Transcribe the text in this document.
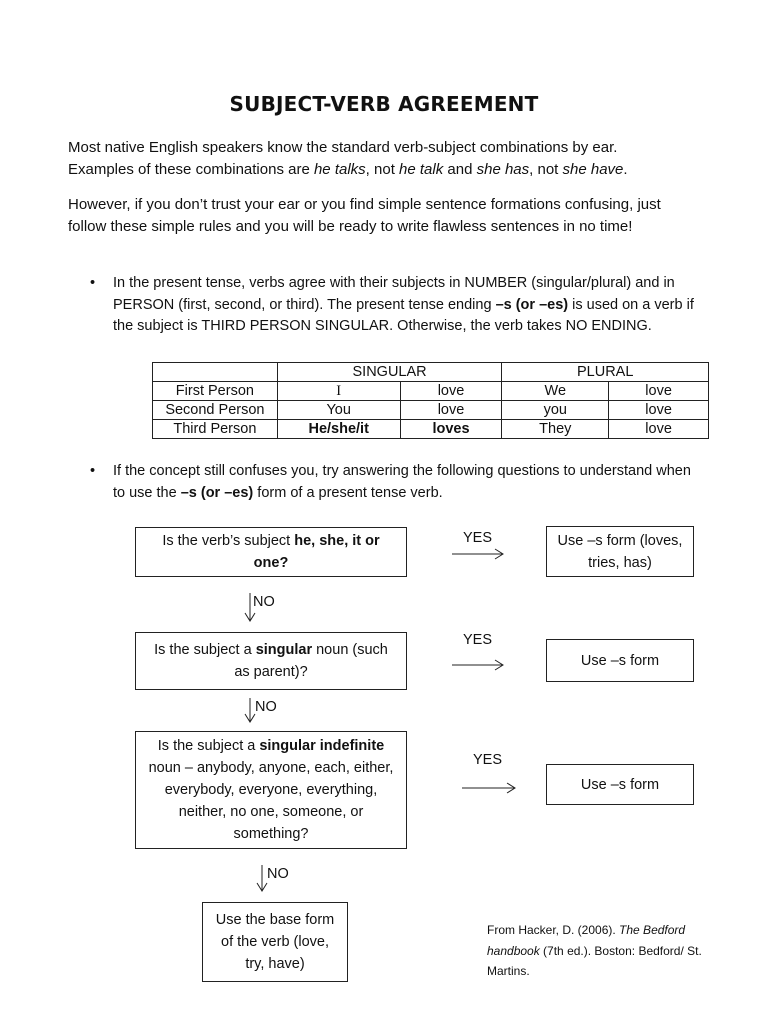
SUBJECT-VERB AGREEMENT

Most native English speakers know the standard verb-subject combinations by ear.
Examples of these combinations are he talks, not he talk and she has, not she have.

However, if you don’t trust your ear or you find simple sentence formations confusing, just follow these simple rules and you will be ready to write flawless sentences in no time!

• In the present tense, verbs agree with their subjects in NUMBER (singular/plural) and in PERSON (first, second, or third). The present tense ending –s (or –es) is used on a verb if the subject is THIRD PERSON SINGULAR. Otherwise, the verb takes NO ENDING.
	SINGULAR		PLURAL	
First Person	I	love	We	love
Second Person	You	love	you	love
Third Person	He/she/it	loves	They	love
• If the concept still confuses you, try answering the following questions to understand when to use the –s (or –es) form of a present tense verb.
Is the verb’s subject he, she, it or one?
Use –s form (loves, tries, has)
Is the subject a singular noun (such as parent)?
Use –s form
Is the subject a singular indefinite noun – anybody, anyone, each, either, everybody, everyone, everything, neither, no one, someone, or something?
Use –s form
Use the base form of the verb (love, try, have)
YES
YES
YES
NO
NO
NO
From Hacker, D. (2006). The Bedford handbook (7th ed.). Boston: Bedford/ St. Martins.
